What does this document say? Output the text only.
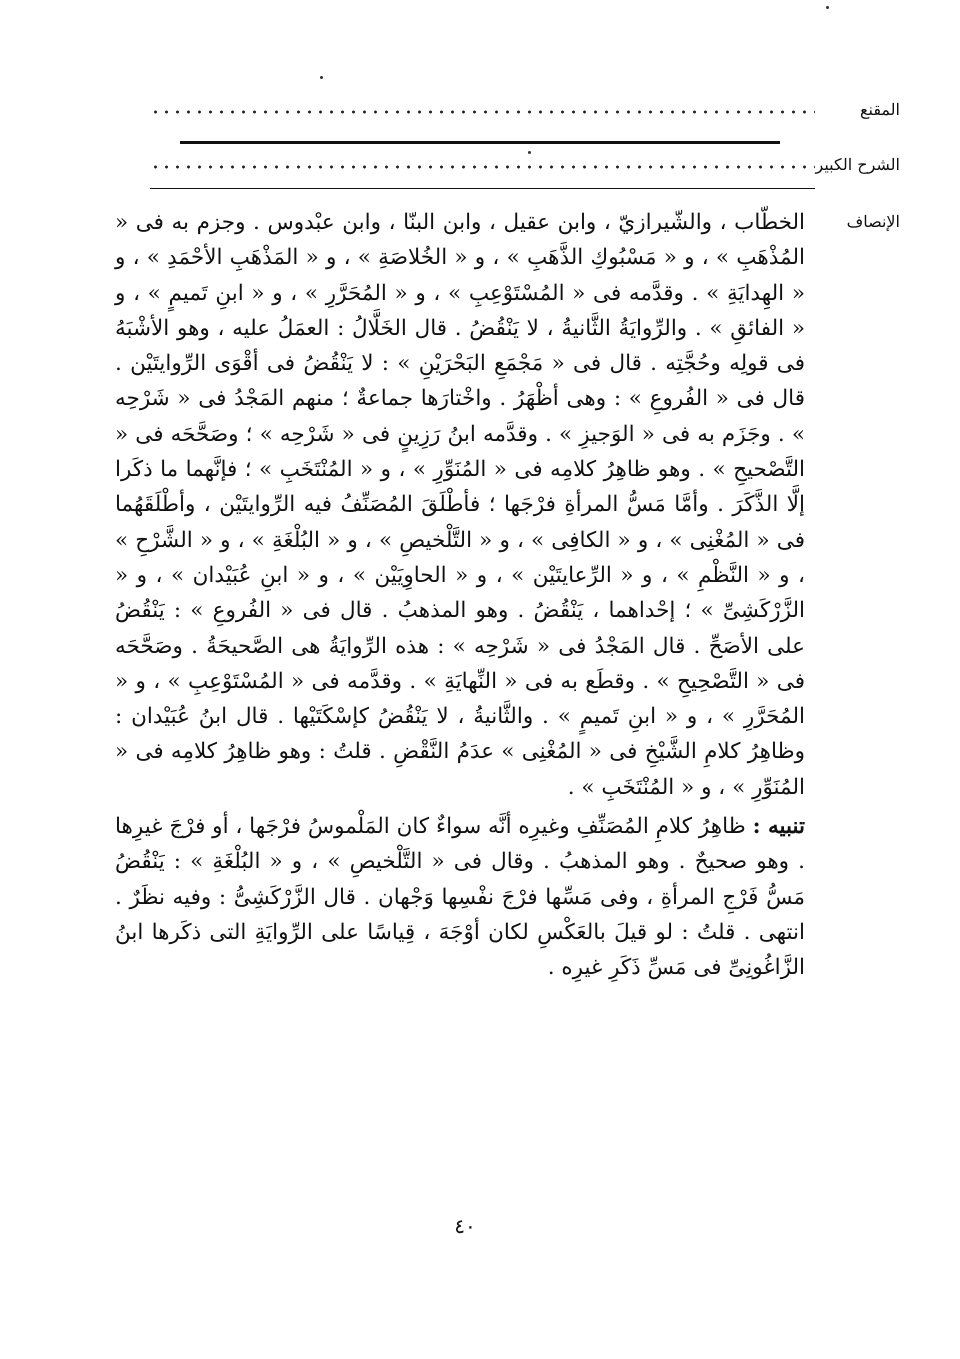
المقنع
الشرح الكبير
الإنصاف

الخطّاب ، والشّيرازيّ ، وابن عقيل ، وابن البنّا ، وابن عبْدوس . وجزم به فى « المُذْهَبِ » ، و « مَسْبُوكِ الذَّهَبِ » ، و « الخُلاصَةِ » ، و « المَذْهَبِ الأحْمَدِ » ، و « الهِدايَةِ » . وقدَّمه فى « المُسْتَوْعِبِ » ، و « المُحَرَّرِ » ، و « ابنِ تَميمٍ » ، و « الفائقِ » . والرِّوايَةُ الثَّانيةُ ، لا يَنْقُضُ . قال الخَلَّالُ : العمَلُ عليه ، وهو الأشْبَهُ فى قولِه وحُجَّتِه . قال فى « مَجْمَعِ البَحْرَيْنِ » : لا يَنْقُضُ فى أقْوَى الرِّوايتَيْن . قال فى « الفُروعِ » : وهى أظْهَرُ . واخْتارَها جماعةٌ ؛ منهم المَجْدُ فى « شَرْحِه » . وجَزَم به فى « الوَجيزِ » . وقدَّمه ابنُ رَزِينٍ فى « شَرْحِه » ؛ وصَحَّحَه فى « التَّصْحيحِ » . وهو ظاهِرُ كلامِه فى « المُنَوِّرِ » ، و « المُنْتَخَبِ » ؛ فإنَّهما ما ذكَرا إلَّا الذَّكَرَ . وأمَّا مَسُّ المرأةِ فرْجَها ؛ فأطْلَقَ المُصَنِّفُ فيه الرِّوايتَيْن ، وأطْلَقَهُما فى « المُغْنِى » ، و « الكافِى » ، و « التَّلْخيصِ » ، و « البُلْغَةِ » ، و « الشَّرْحِ » ، و « النَّظْمِ » ، و « الرِّعايتَيْن » ، و « الحاوِيَيْن » ، و « ابنِ عُبَيْدان » ، و « الزَّرْكَشِىِّ » ؛ إحْداهما ، يَنْقُضُ . وهو المذهبُ . قال فى « الفُروعِ » : يَنْقُضُ على الأصَحِّ . قال المَجْدُ فى « شَرْحِه » : هذه الرِّوايَةُ هى الصَّحيحَةُ . وصَحَّحَه فى « التَّصْحِيحِ » . وقطَع به فى « النِّهايَةِ » . وقدَّمه فى « المُسْتَوْعِبِ » ، و « المُحَرَّرِ » ، و « ابنِ تَميمٍ » . والثَّانيةُ ، لا يَنْقُضُ كإسْكَتَيْها . قال ابنُ عُبَيْدان : وظاهِرُ كلامِ الشَّيْخِ فى « المُغْنِى » عدَمُ النَّقْضِ . قلتُ : وهو ظاهِرُ كلامِه فى « المُنَوِّرِ » ، و « المُنْتَخَبِ » .

تنبيه : ظاهِرُ كلامِ المُصَنِّفِ وغيرِه أنَّه سواءٌ كان المَلْموسُ فرْجَها ، أو فرْجَ غيرِها . وهو صحيحٌ . وهو المذهبُ . وقال فى « التَّلْخيصِ » ، و « البُلْغَةِ » : يَنْقُضُ مَسُّ فَرْجِ المرأةِ ، وفى مَسِّها فرْجَ نفْسِها وَجْهان . قال الزَّرْكَشِىُّ : وفيه نظَرٌ . انتهى . قلتُ : لو قيلَ بالعَكْسِ لكان أوْجَهَ ، قِياسًا على الرِّوايَةِ التى ذكَرها ابنُ الزَّاغُونِىِّ فى مَسِّ ذَكَرِ غيرِه .

٤٠
